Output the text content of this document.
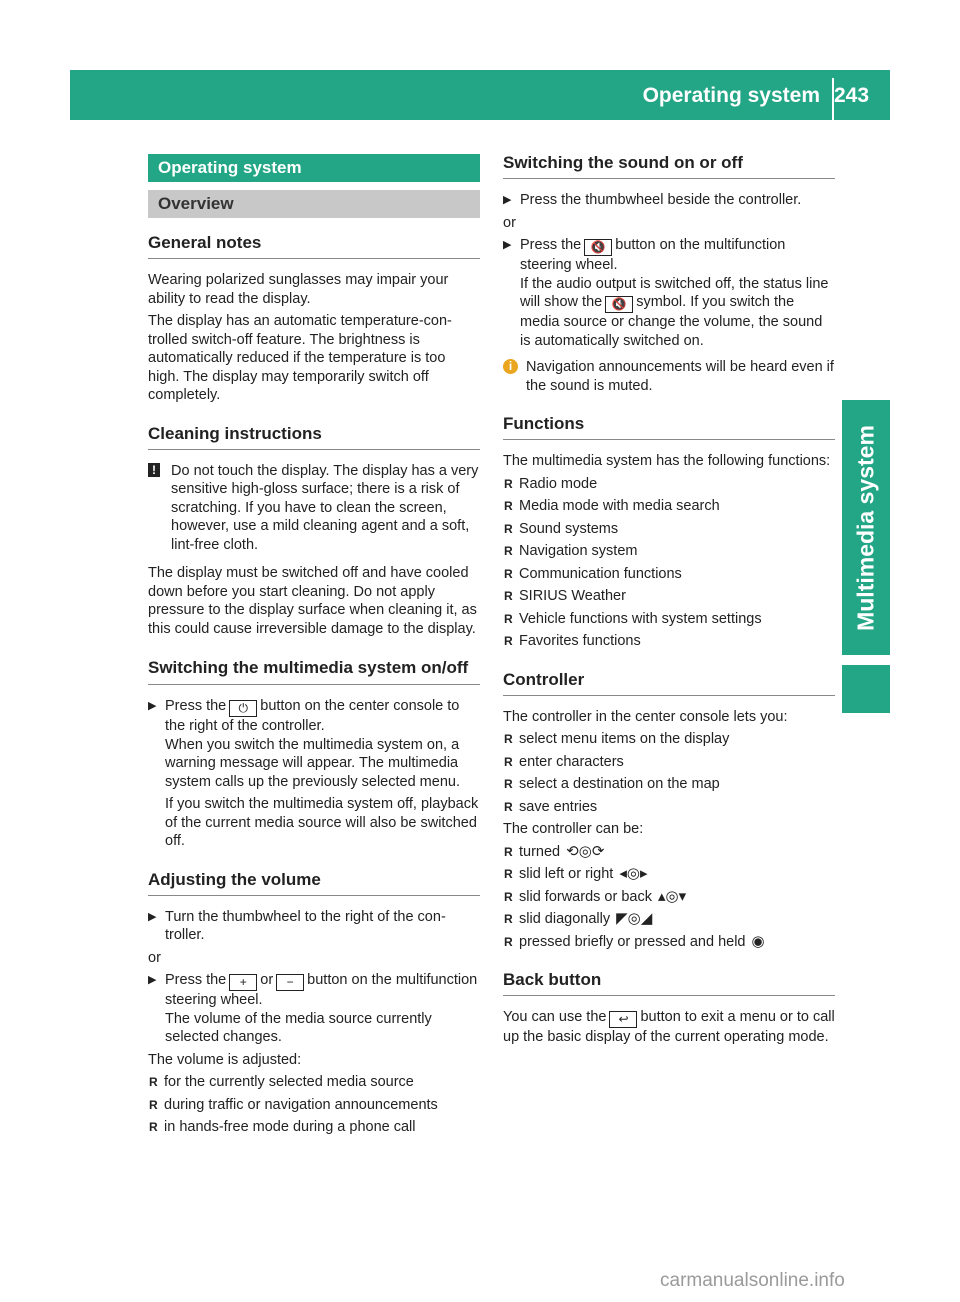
Operating system 243
Multimedia system
Operating system
Overview
General notes

Wearing polarized sunglasses may impair your ability to read the display.

The display has an automatic temperature-controlled switch-off feature. The brightness is automatically reduced if the temperature is too high. The display may temporarily switch off completely.

Cleaning instructions
! Do not touch the display. The display has a very sensitive high-gloss surface; there is a risk of scratching. If you have to clean the screen, however, use a mild cleaning agent and a soft, lint-free cloth.

The display must be switched off and have cooled down before you start cleaning. Do not apply pressure to the display surface when cleaning it, as this could cause irreversible damage to the display.

Switching the multimedia system on/off
▶ Press the ⏻ button on the center console to the right of the controller.
When you switch the multimedia system on, a warning message will appear. The multimedia system calls up the previously selected menu.
If you switch the multimedia system off, playback of the current media source will also be switched off.
Adjusting the volume
▶ Turn the thumbwheel to the right of the controller.

or

▶ Press the + or − button on the multifunction steering wheel.
The volume of the media source currently selected changes.

The volume is adjusted:

R for the currently selected media source
R during traffic or navigation announcements
R in hands-free mode during a phone call
Switching the sound on or off
▶ Press the thumbwheel beside the controller.

or

▶ Press the 🔇 button on the multifunction steering wheel.
If the audio output is switched off, the status line will show the 🔇 symbol. If you switch the media source or change the volume, the sound is automatically switched on.
i Navigation announcements will be heard even if the sound is muted.
Functions

The multimedia system has the following functions:

R Radio mode
R Media mode with media search
R Sound systems
R Navigation system
R Communication functions
R SIRIUS Weather
R Vehicle functions with system settings
R Favorites functions
Controller

The controller in the center console lets you:

R select menu items on the display
R enter characters
R select a destination on the map
R save entries

The controller can be:

R turned ⟲◎⟳
R slid left or right ◂◎▸
R slid forwards or back ▴◎▾
R slid diagonally ◤◎◢
R pressed briefly or pressed and held ◉
Back button

You can use the ↩ button to exit a menu or to call up the basic display of the current operating mode.

carmanualsonline.info
